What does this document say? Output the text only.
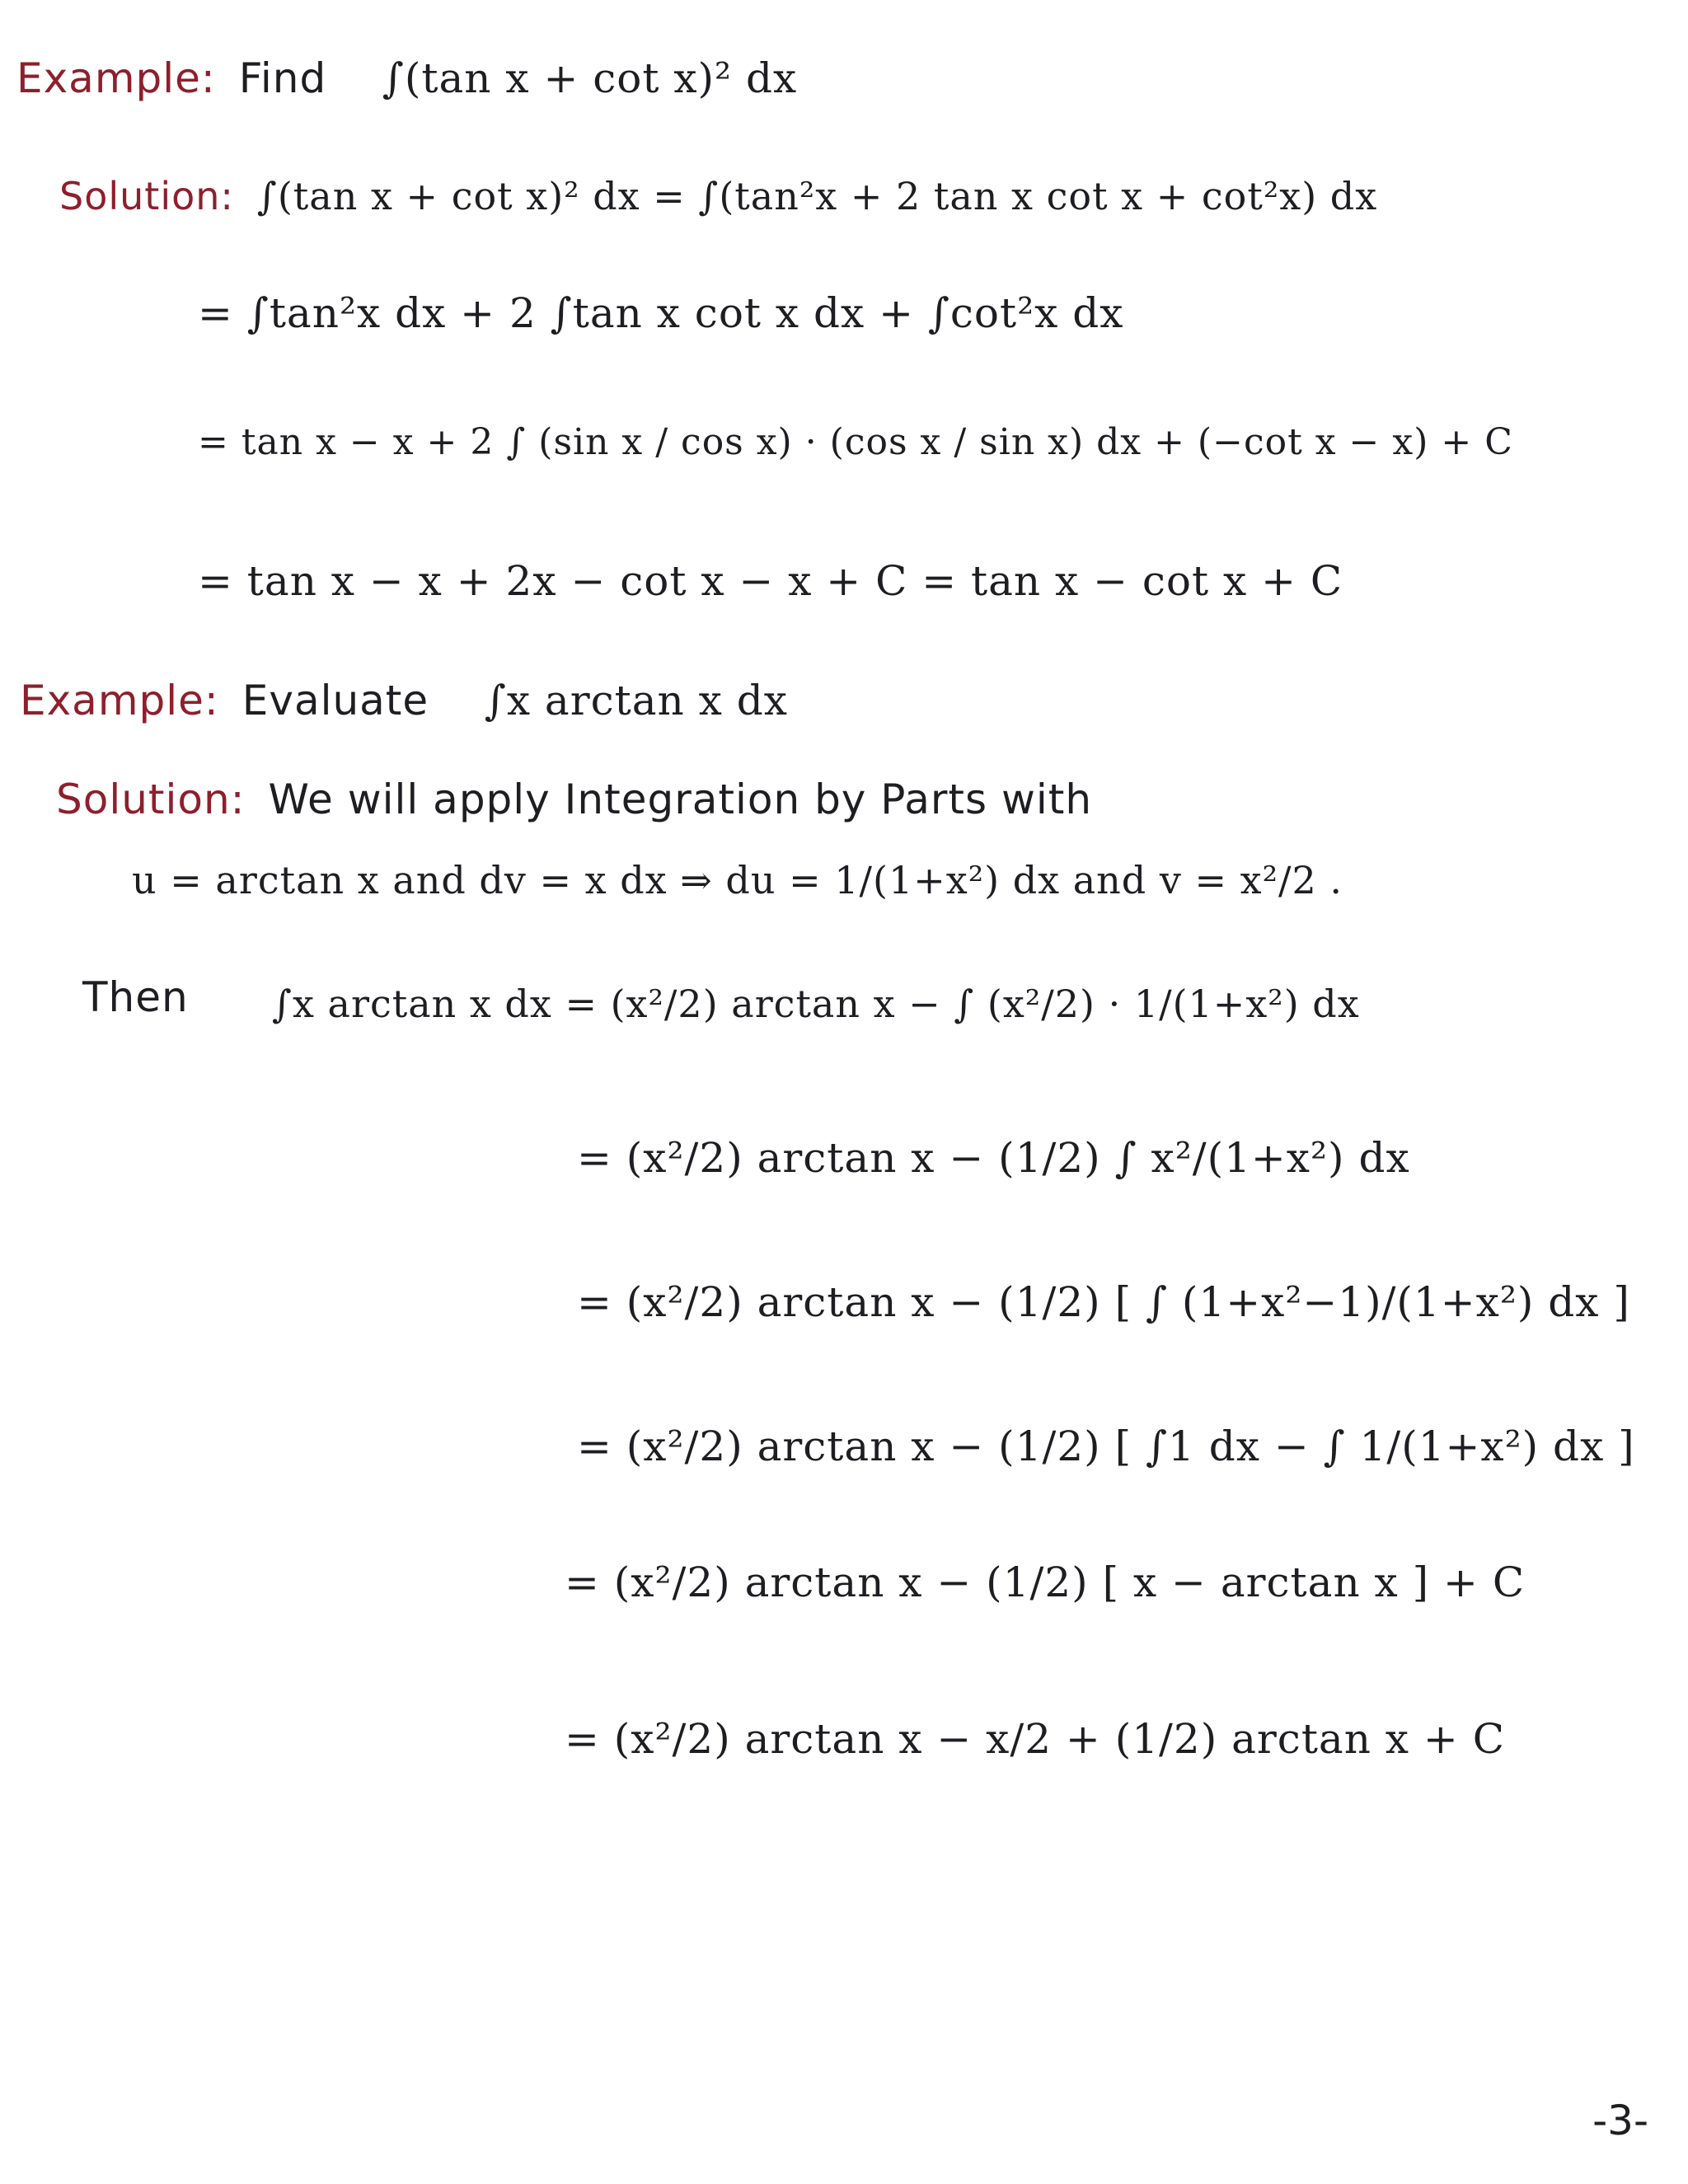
Example: Find ∫(tan x + cot x)² dx
Solution: ∫(tan x + cot x)² dx = ∫(tan²x + 2 tan x cot x + cot²x) dx
= ∫tan²x dx + 2 ∫tan x cot x dx + ∫cot²x dx
= tan x − x + 2 ∫ (sin x / cos x) · (cos x / sin x) dx + (−cot x − x) + C
= tan x − x + 2x − cot x − x + C = tan x − cot x + C
Example: Evaluate ∫x arctan x dx
Solution: We will apply Integration by Parts with
u = arctan x and dv = x dx ⇒ du = 1/(1+x²) dx and v = x²/2 .
Then ∫x arctan x dx = (x²/2) arctan x − ∫ (x²/2) · 1/(1+x²) dx
= (x²/2) arctan x − (1/2) ∫ x²/(1+x²) dx
= (x²/2) arctan x − (1/2) [ ∫ (1+x²−1)/(1+x²) dx ]
= (x²/2) arctan x − (1/2) [ ∫1 dx − ∫ 1/(1+x²) dx ]
= (x²/2) arctan x − (1/2) [ x − arctan x ] + C
= (x²/2) arctan x − x/2 + (1/2) arctan x + C
-3-
